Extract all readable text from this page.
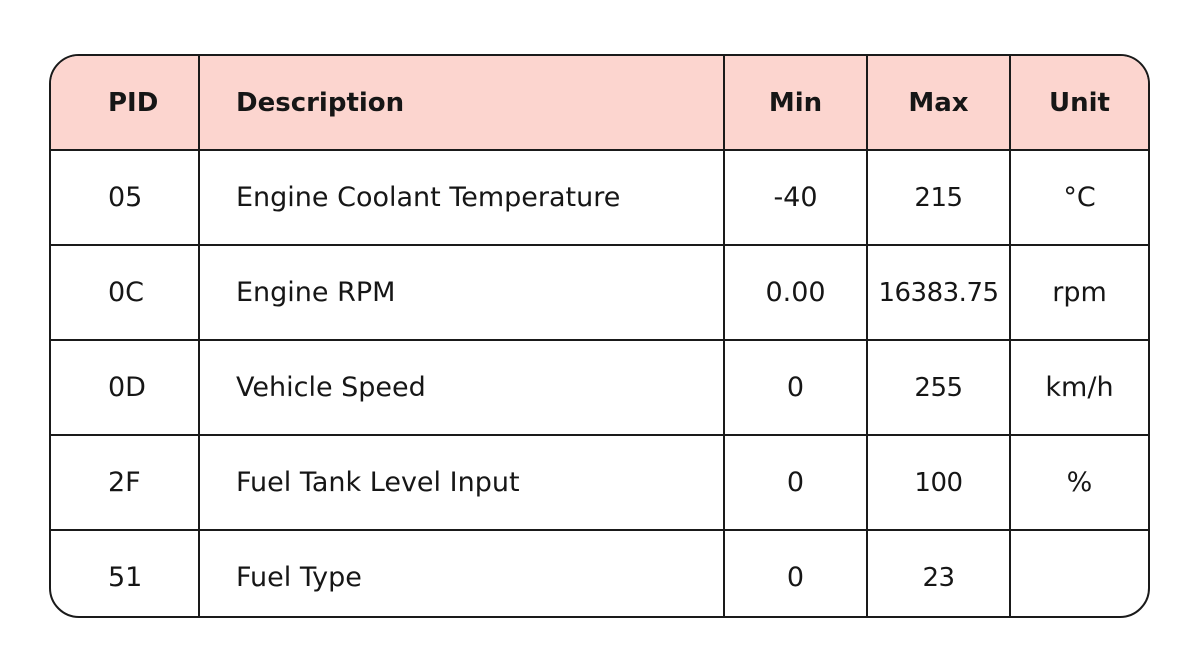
PID	Description	Min	Max	Unit
05	Engine Coolant Temperature	-40	215	°C
0C	Engine RPM	0.00	16383.75	rpm
0D	Vehicle Speed	0	255	km/h
2F	Fuel Tank Level Input	0	100	%
51	Fuel Type	0	23	
